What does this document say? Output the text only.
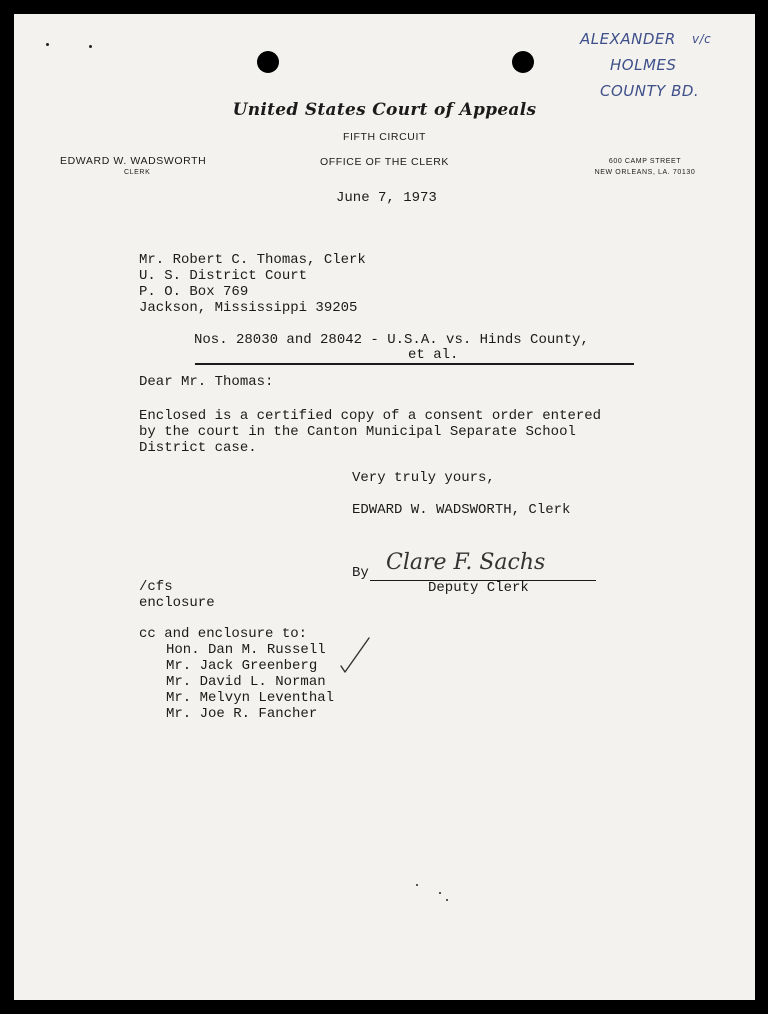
ALEXANDER v/c
HOLMES
COUNTY BD.
United States Court of Appeals
FIFTH CIRCUIT
OFFICE OF THE CLERK
EDWARD W. WADSWORTH
CLERK
600 CAMP STREET
NEW ORLEANS, LA. 70130
June 7, 1973
Mr. Robert C. Thomas, Clerk
U. S. District Court
P. O. Box 769
Jackson, Mississippi 39205
Nos. 28030 and 28042 - U.S.A. vs. Hinds County,
et al.
Dear Mr. Thomas:
Enclosed is a certified copy of a consent order entered
by the court in the Canton Municipal Separate School
District case.
Very truly yours,
EDWARD W. WADSWORTH, Clerk
By Clare F. Sachs
Deputy Clerk
/cfs
enclosure
cc and enclosure to:
Hon. Dan M. Russell
Mr. Jack Greenberg
Mr. David L. Norman
Mr. Melvyn Leventhal
Mr. Joe R. Fancher
